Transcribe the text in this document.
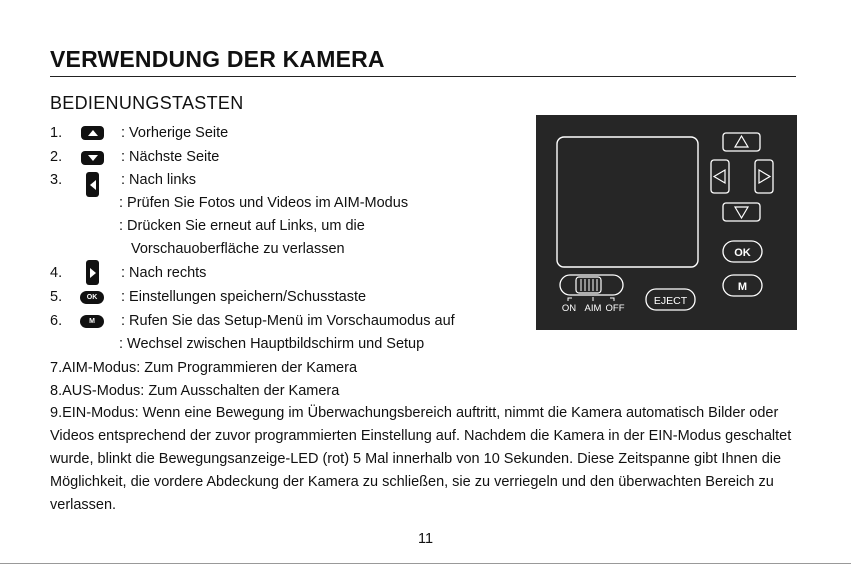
VERWENDUNG DER KAMERA
BEDIENUNGSTASTEN
1.	: Vorherige Seite
2.	: Nächste Seite
3.	: Nach links
: Prüfen Sie Fotos und Videos im AIM-Modus
: Drücken Sie erneut auf Links, um die
Vorschauoberfläche zu verlassen
4.	: Nach rechts
5.	OK	: Einstellungen speichern/Schusstaste
6.	M	: Rufen Sie das Setup-Menü im Vorschaumodus auf
: Wechsel zwischen Hauptbildschirm und Setup
7.AIM-Modus: Zum Programmieren der Kamera
8.AUS-Modus: Zum Ausschalten der Kamera
9.EIN-Modus: Wenn eine Bewegung im Überwachungsbereich auftritt, nimmt die Kamera automatisch Bilder oder Videos entsprechend der zuvor programmierten Einstellung auf. Nachdem die Kamera in der EIN-Modus geschaltet wurde, blinkt die Bewegungsanzeige-LED (rot) 5 Mal innerhalb von 10 Sekunden. Diese Zeitspanne gibt Ihnen die Möglichkeit, die vordere Abdeckung der Kamera zu schließen, sie zu verriegeln und den überwachten Bereich zu verlassen.
OK
M
EJECT
ON AIM OFF
11
